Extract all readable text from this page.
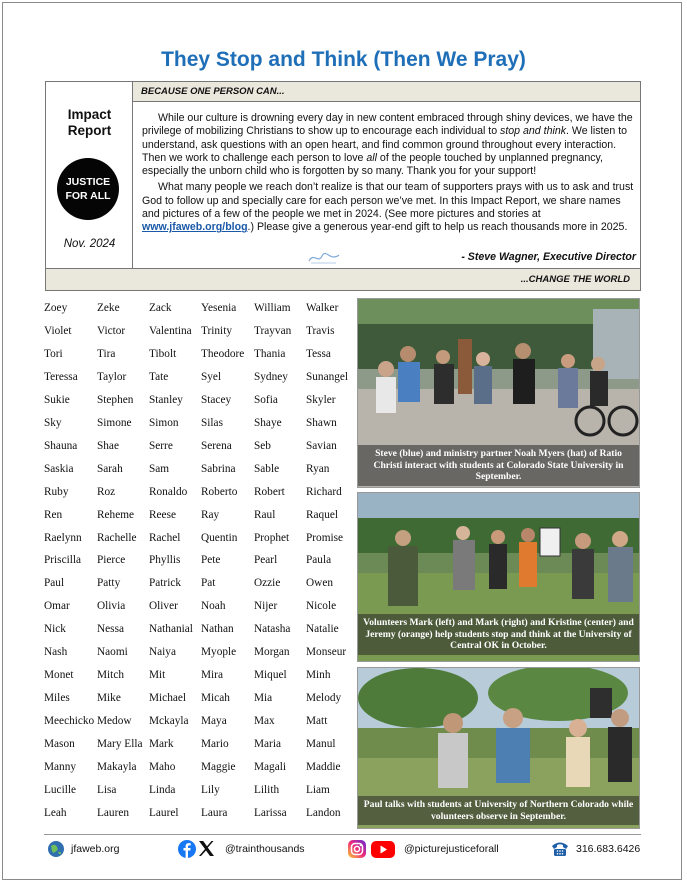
They Stop and Think (Then We Pray)
Impact
Report
JUSTICE
FOR ALL
Nov. 2024
BECAUSE ONE PERSON CAN...

While our culture is drowning every day in new content embraced through shiny devices, we have the privilege of mobilizing Christians to show up to encourage each individual to stop and think. We listen to understand, ask questions with an open heart, and find common ground throughout every interaction. Then we work to challenge each person to love all of the people touched by unplanned pregnancy, especially the unborn child who is forgotten by so many. Thank you for your support!

What many people we reach don’t realize is that our team of supporters prays with us to ask and trust God to follow up and specially care for each person we’ve met. In this Impact Report, we share names and pictures of a few of the people we met in 2024. (See more pictures and stories at www.jfaweb.org/blog.) Please give a generous year-end gift to help us reach thousands more in 2025.

- Steve Wagner, Executive Director
...CHANGE THE WORLD
Zoey	Zeke	Zack	Yesenia William Walker
Violet Victor Valentina Trinity Trayvan Travis
Tori	Tira	Tibolt Theodore Thania Tessa
Teressa Taylor Tate	Syel	Sydney Sunangel
Sukie Stephen Stanley Stacey Sofia Skyler
Sky	Simone Simon Silas	Shaye Shawn
Shauna Shae	Serre Serena Seb	Savian
Saskia Sarah Sam	Sabrina Sable Ryan
Ruby	Roz	Ronaldo Roberto Robert Richard
Ren	Reheme Reese Ray	Raul	Raquel
Raelynn Rachelle Rachel Quentin Prophet Promise
Priscilla Pierce Phyllis Pete	Pearl	Paula
Paul	Patty	Patrick Pat	Ozzie Owen
Omar Olivia Oliver Noah	Nijer	Nicole
Nick	Nessa Nathanial Nathan Natasha Natalie
Nash	Naomi Naiya Myople Morgan Monseur
Monet Mitch Mit	Mira	Miquel Minh
Miles Mike Michael Micah Mia	Melody
Meechicko Medow Mckayla Maya Max	Matt
Mason Mary Ella Mark Mario Maria Manul
Manny Makayla Maho Maggie Magali Maddie
Lucille Lisa	Linda Lily	Lilith Liam
Leah	Lauren Laurel Laura Larissa Landon
Steve (blue) and ministry partner Noah Myers (hat) of Ratio Christi interact with students at Colorado State University in September.
Volunteers Mark (left) and Mark (right) and Kristine (center) and Jeremy (orange) help students stop and think at the University of Central OK in October.
Paul talks with students at University of Northern Colorado while volunteers observe in September.
jfaweb.org	@trainthousands	@picturejusticeforall	316.683.6426
